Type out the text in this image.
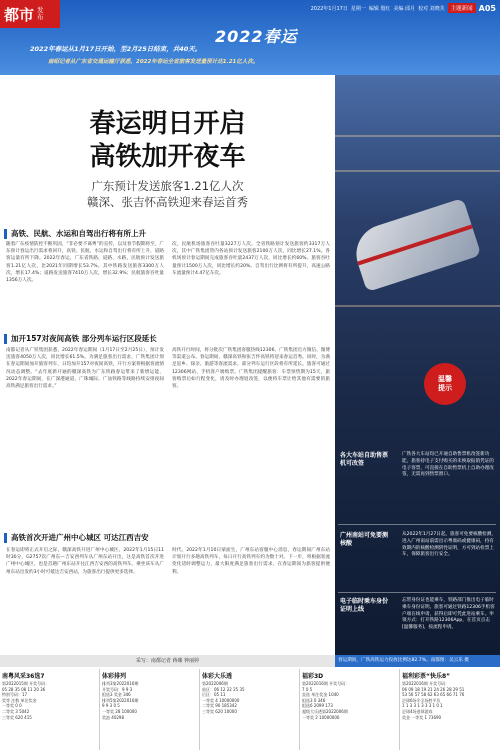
都市 发布
2022年1月17日 星期一 编辑 殷红 美编 邱月 校对 刘晓芙	主题新闻 A05
2022春运
2022年春运从1月17日开始，至2月25日结束，共40天。
南昭记者从广东省交通运输厅获悉，2022年春运全省旅客发送量预计达1.21亿人次。
春运明日开启
高铁加开夜车
广东预计发送旅客1.21亿人次
赣深、张吉怀高铁迎来春运首秀
高铁、民航、水运和自驾出行将有所上升
随着广东疫情防控不断巩固，“非必要不离粤”的宣传，以及春节假期将至，广东预计春运出行需求将回升，高铁、民航、水运和自驾出行将有所上升，道路客运量有所下降。2022年春运，广东省铁路、道路、水路、民航预计发送旅客1.21亿人次，比2021年同期增长53.7%。其中铁路发送旅客3300万人次，增长17.4%；道路发送旅客7410万人次，增长32.9%；民航旅客吞吐量1356万人次。
次，民航机场旅客吞吐量3227万人次。全省铁路预计发送旅客约3317万人次，其中广铁集团管内各站预计发送旅客2100万人次，同比增长27.1%。各机场预计春运期间完成旅客吞吐量2437万人次，同比增长约60%。旅客吞吐量预计1500万人次，同比增长约20%。自驾出行比例将有所提升，高速公路车流量预计4.47亿车次。
加开157对夜间高铁 部分列车运行区段延长
南都记者从广铁集团获悉，2022年春运期间（1月17日至2月25日），预计发送旅客4050万人次，同比增长61.5%。为满足旅客出行需求，广铁集团计划在春运期间加开旅客列车，日均加开157对夜间高铁，开行方案将根据客流情况动态调整。“去年底新开通的赣深高铁为广东铁路春运带来了新增运能，2022年春运期间，在广深港通道、广珠城际、广汕铁路等线路持续安排夜间高铁满足旅客出行需求。”
高铁开行时间，将分批次广铁集团客服热线12306、广铁集团官方微信、微博等渠道公布。春运期间，赣深高铁和张吉怀高铁将迎来春运首秀。同时，为满足返乡、探亲、旅游等客流需求，部分列车运行区段将有所延长。旅客可通过12306网站、手机客户端购票。广铁集团提醒旅客：车票预售期为15天，旅客购票后如行程变化，请及时办理退改签，以便将车票让给其他有需要的旅客。
高铁首次开进广州中心城区 可达江西吉安
在春运即将正式开启之际，赣深高铁开进广州中心城区。2022年1月15日11时30分，G2757次广州东—吉安西列车从广州东站开出，这是高铁首次开进广州中心城区，也是首趟广州东站开往江西吉安西的高铁列车。乘坐该车从广州东站出发约3小时可抵达吉安西站，为旅客出行提供更多选择。
时代。2022年1月10日蒙面生，广州东站客服中心消息，春运期间广州东站计划开行多趟高铁列车，每日开行高铁列车约为数十对。下一步，将根据客流变化适时调整运力，最大限度满足旅客出行需求，在春运期间为旅客提供便利。
温馨
提示
各大车站自助售票机可改签
广铁各大车站均已开通自助售票机改签新功能，旅客持电子支付购买的未换取报销凭证的电子客票，可直接在自助售票机上自助办理改签，无需再到售票窗口。
广州南站可免要测核酸
从2022年1月27日起，旅客可免要核酸检测，进入广州南站前需出示粤康码或健康码，持有效期内的核酸检测阴性证明，方可到站检票上车，保障旅客出行安全。
电子临时乘车身份证明上线
忘带身份证也能乘车，铁路部门推出电子临时乘车身份证明。旅客可通过铁路12306手机客户端在线申请，获得后即可凭此进站乘车。申领方式：打开铁路12306App，在首页点击[温馨服务]，按流程申请。
春运期间，广铁高铁运力投放比例达82.7%。南都图：吴云乐 摄
采写：南都记者 蒋臻 钟丽婷
南粤风采36选7
第2022015期 开奖号码：
05 28 35 08 11 20 36
特别号码：17
奖等 注数 单注奖金
一等奖 0 0
二等奖 3 5042
三等奖 620 415
体彩排列
排列3第2022016期
开奖号码：9 9 3
组选3 奖金 346
排列5第2022016期
9 9 3 0 5
一等奖 28 100000
奖池 40298
体彩大乐透
第2022006期
前区：06 12 22 25 35
后区：05 11
一等奖 4 10000000
二等奖 90 185342
三等奖 620 10000
福彩3D
第2022016期 开奖号码：
7 0 5
直选 单注奖金 1040
组选3 0 346
组选6 2099 173
超级大乐透第2022006期
一等奖 2 10000000
福利彩票“快乐8”
第2022016期 开奖号码：
06 09 18 19 21 24 26 28 29 51
53 56 57 58 62 63 65 66 71 76
足球6场半全场胜平负
1 1 3 3 1 3 3 3 1 0 1
足球4场进球游戏
奖金 一等奖 1 73690
